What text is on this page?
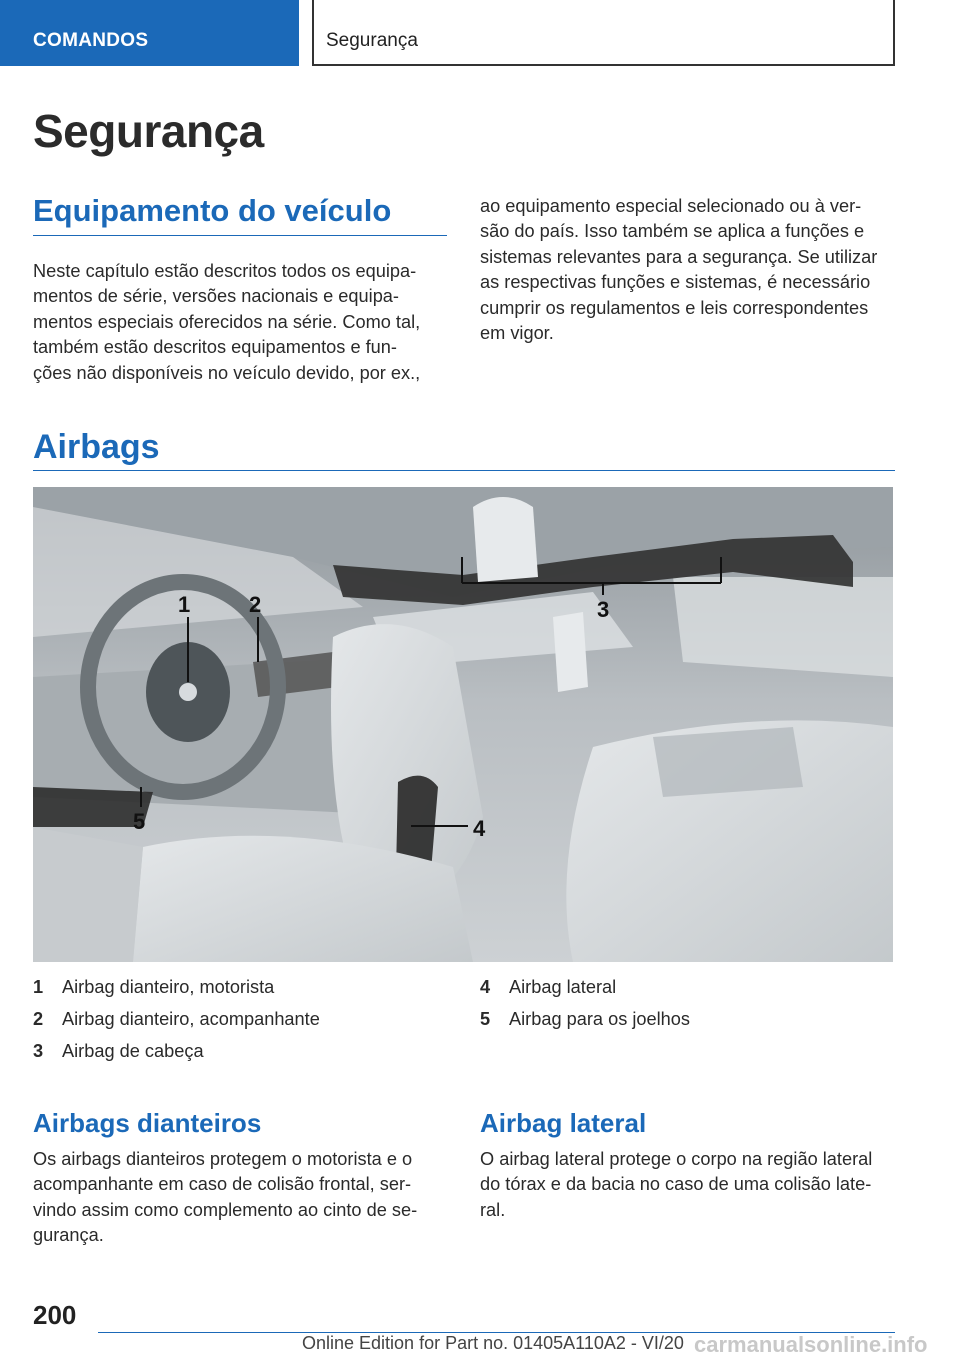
COMANDOS	Segurança
Segurança
Equipamento do veículo
Neste capítulo estão descritos todos os equipa‐
mentos de série, versões nacionais e equipa‐
mentos especiais oferecidos na série. Como tal,
também estão descritos equipamentos e fun‐
ções não disponíveis no veículo devido, por ex.,
ao equipamento especial selecionado ou à ver‐
são do país. Isso também se aplica a funções e
sistemas relevantes para a segurança. Se utilizar
as respectivas funções e sistemas, é necessário
cumprir os regulamentos e leis correspondentes
em vigor.
Airbags
1	2	3
4
5
1 Airbag dianteiro, motorista
2 Airbag dianteiro, acompanhante
3 Airbag de cabeça
4 Airbag lateral
5 Airbag para os joelhos
Airbags dianteiros
Os airbags dianteiros protegem o motorista e o
acompanhante em caso de colisão frontal, ser‐
vindo assim como complemento ao cinto de se‐
gurança.
Airbag lateral
O airbag lateral protege o corpo na região lateral
do tórax e da bacia no caso de uma colisão late‐
ral.
200
Online Edition for Part no. 01405A110A2 - VI/20 carmanualsonline.info
